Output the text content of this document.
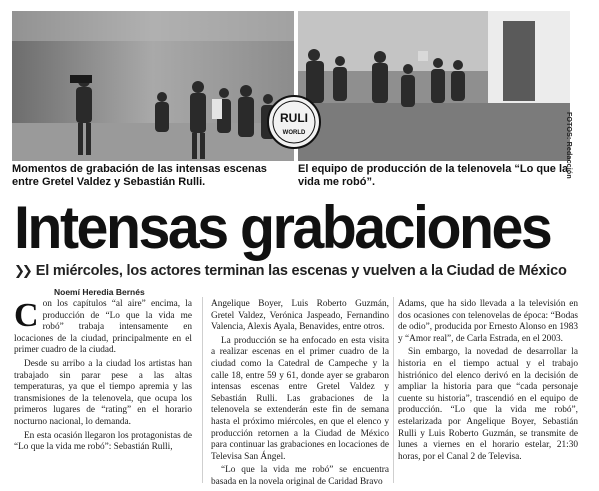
RULI
WORLD	FOTOS: Redacción
Momentos de grabación de las intensas escenas entre Gretel Valdez y Sebastián Rulli.
El equipo de producción de la telenovela “Lo que la vida me robó”.
Intensas grabaciones
❯❯ El miércoles, los actores terminan las escenas y vuelven a la Ciudad de México
Noemí Heredia Bernés

Con los capítulos “al aire” encima, la producción de “Lo que la vida me robó” trabaja intensamente en locaciones de la ciudad, principalmente en el primer cuadro de la ciudad.

Desde su arribo a la ciudad los artistas han trabajado sin parar pese a las altas temperaturas, ya que el tiempo apremia y las transmisiones de la telenovela, que ocupa los primeros lugares de “rating” en el horario nocturno nacional, lo demanda.

En esta ocasión llegaron los protagonistas de “Lo que la vida me robó”: Sebastián Rulli,

Angelique Boyer, Luis Roberto Guzmán, Gretel Valdez, Verónica Jaspeado, Fernandino Valencia, Alexis Ayala, Benavides, entre otros.

La producción se ha enfocado en esta visita a realizar escenas en el primer cuadro de la ciudad como la Catedral de Campeche y la calle 18, entre 59 y 61, donde ayer se grabaron intensas escenas entre Gretel Valdez y Sebastián Rulli. Las grabaciones de la telenovela se extenderán este fin de semana hasta el próximo miércoles, en que el elenco y producción retornen a la Ciudad de México para continuar las grabaciones en locaciones de Televisa San Ángel.

“Lo que la vida me robó” se encuentra basada en la novela original de Caridad Bravo

Adams, que ha sido llevada a la televisión en dos ocasiones con telenovelas de época: “Bodas de odio”, producida por Ernesto Alonso en 1983 y “Amor real”, de Carla Estrada, en el 2003.

Sin embargo, la novedad de desarrollar la historia en el tiempo actual y el trabajo histriónico del elenco derivó en la decisión de ampliar la historia para que “cada personaje cuente su historia”, trascendió en el equipo de producción. “Lo que la vida me robó”, estelarizada por Angelique Boyer, Sebastián Rulli y Luis Roberto Guzmán, se transmite de lunes a viernes en el horario estelar, 21:30 horas, por el Canal 2 de Televisa.
